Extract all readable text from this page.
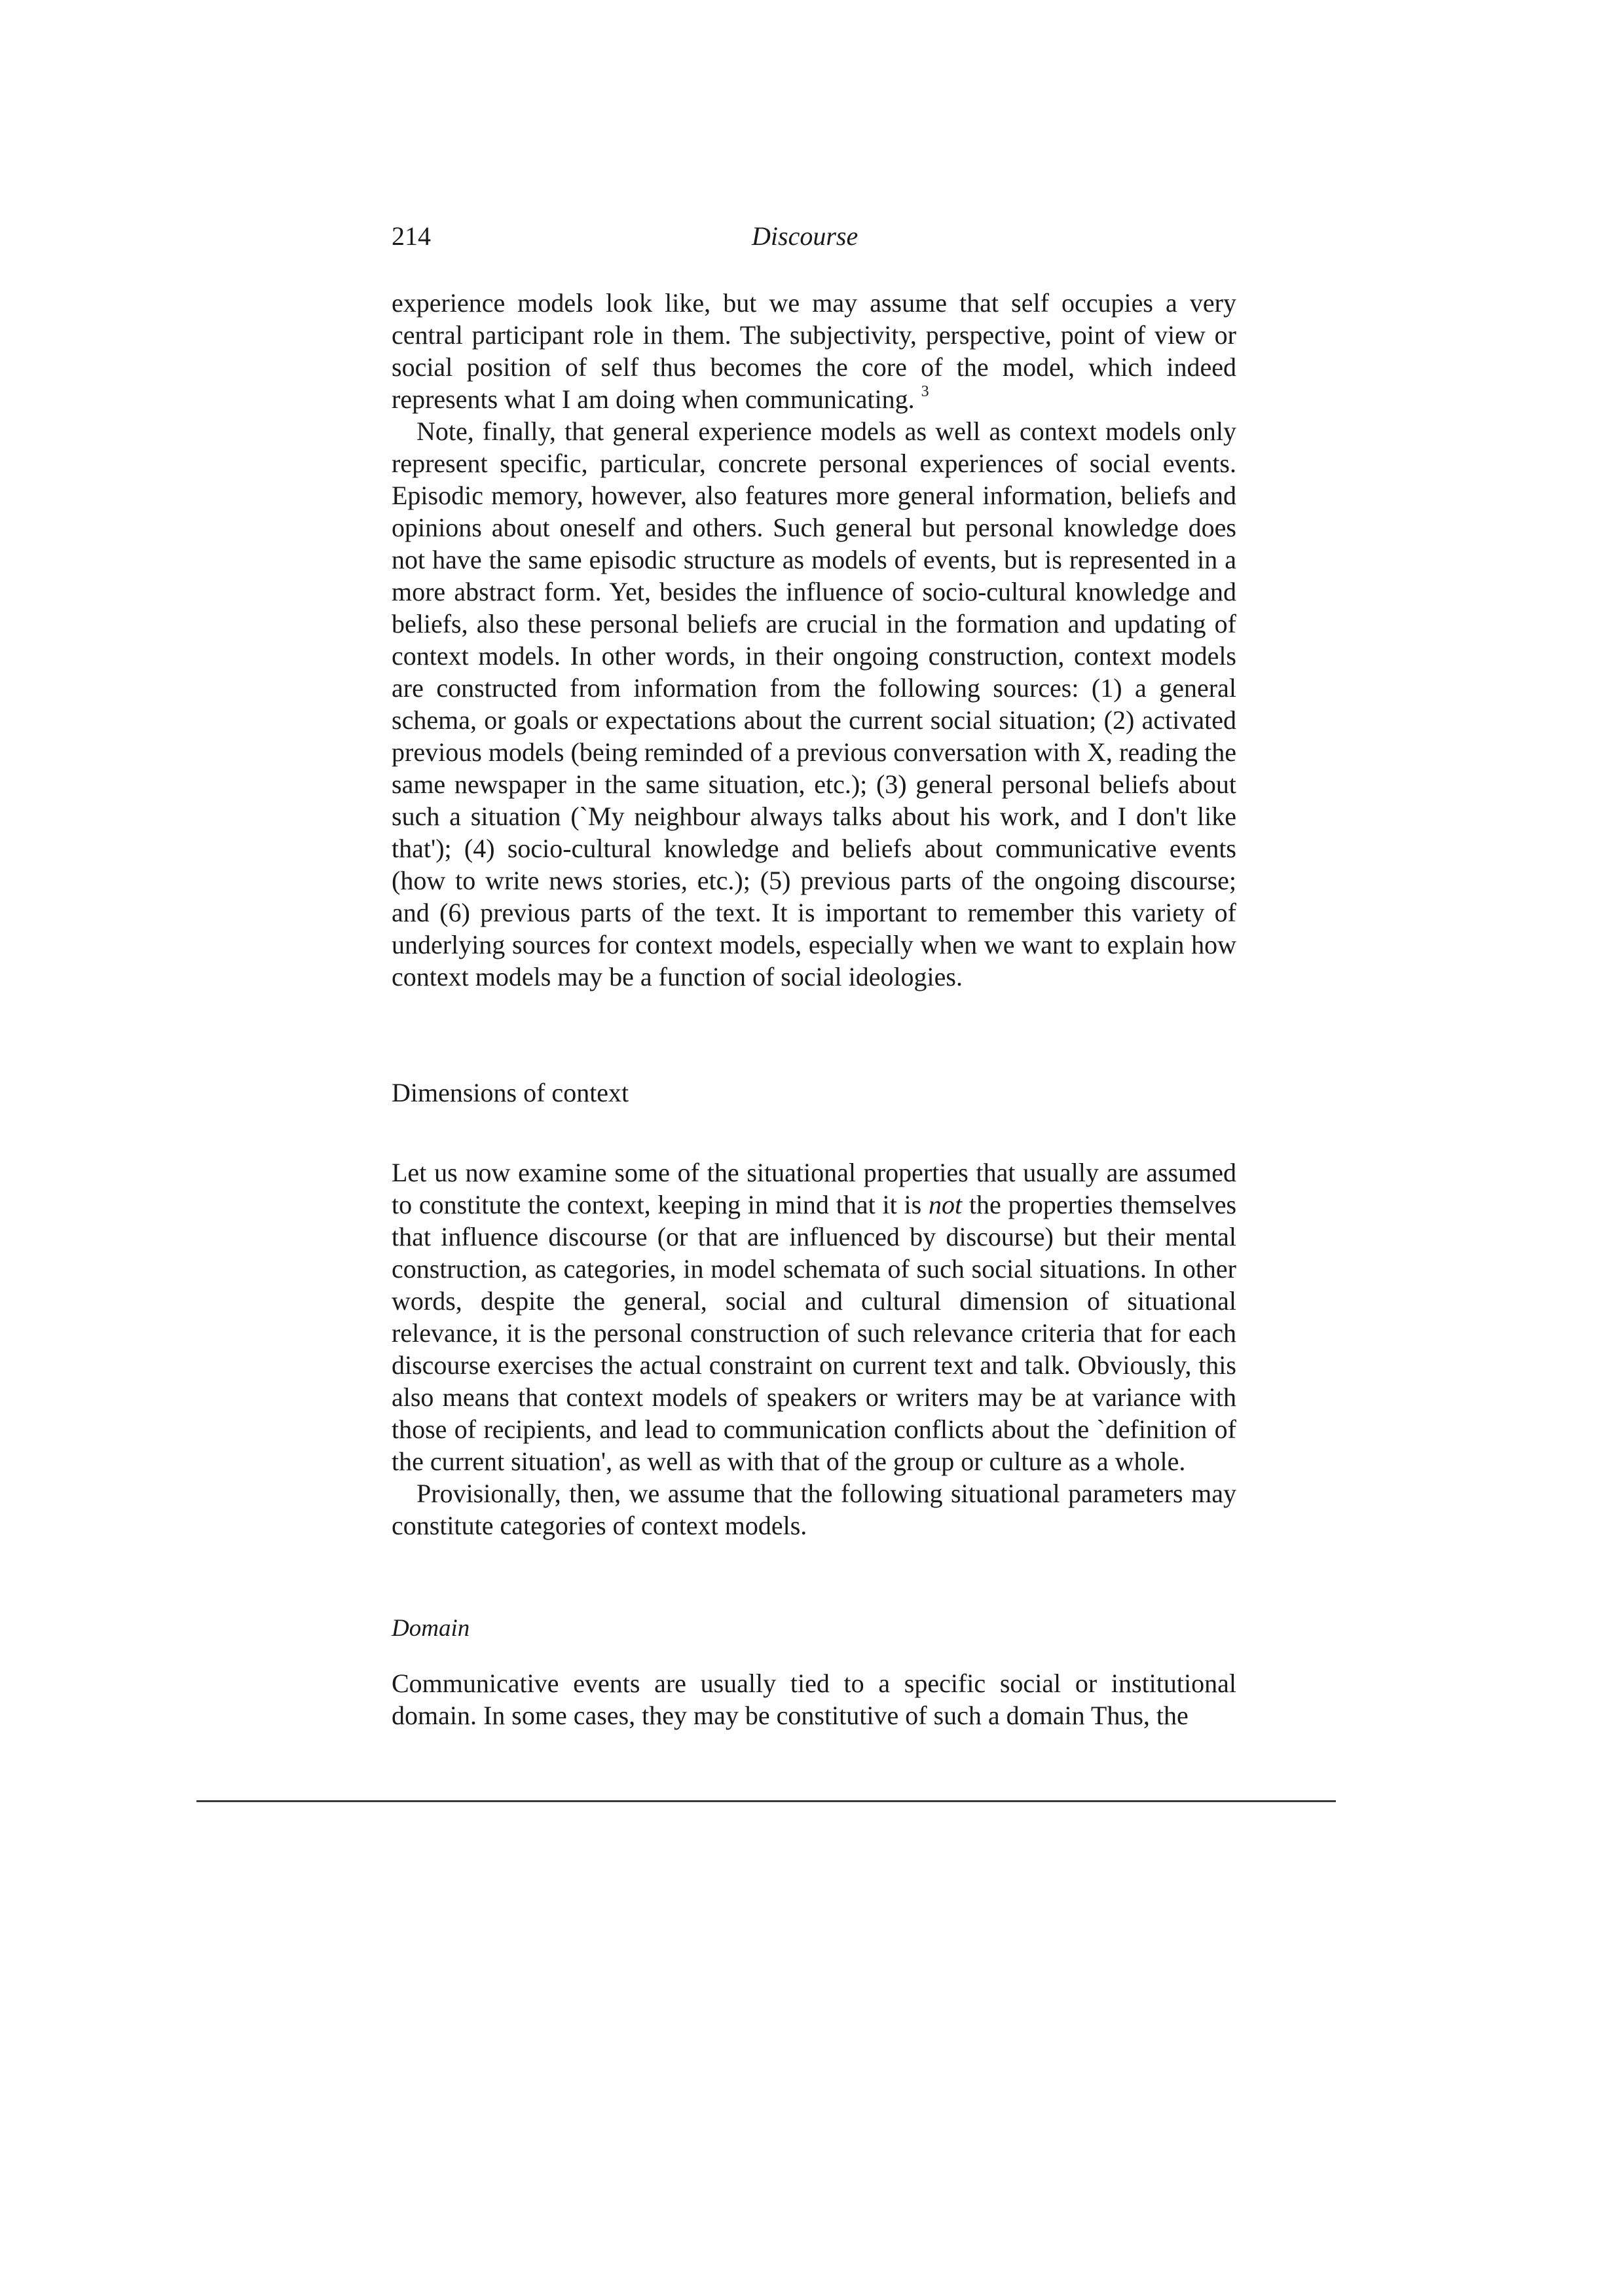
214	Discourse

experience models look like, but we may assume that self occupies a very central participant role in them. The subjectivity, perspective, point of view or social position of self thus becomes the core of the model, which indeed represents what I am doing when communicating. $^3$

Note, finally, that general experience models as well as context models only represent specific, particular, concrete personal experiences of social events. Episodic memory, however, also features more general information, beliefs and opinions about oneself and others. Such general but personal knowledge does not have the same episodic structure as models of events, but is represented in a more abstract form. Yet, besides the influence of socio-cultural knowledge and beliefs, also these personal beliefs are crucial in the formation and updating of context models. In other words, in their ongoing construction, context models are constructed from information from the following sources: (1) a general schema, or goals or expectations about the current social situation; (2) activated previous models (being reminded of a previous conversation with X, reading the same newspaper in the same situation, etc.); (3) general personal beliefs about such a situation (`My neighbour always talks about his work, and I don't like that'); (4) socio-cultural knowledge and beliefs about communicative events (how to write news stories, etc.); (5) previous parts of the ongoing discourse; and (6) previous parts of the text. It is important to remember this variety of underlying sources for context models, especially when we want to explain how context models may be a function of social ideologies.

Dimensions of context

Let us now examine some of the situational properties that usually are assumed to constitute the context, keeping in mind that it is not the properties themselves that influence discourse (or that are influenced by discourse) but their mental construction, as categories, in model schemata of such social situations. In other words, despite the general, social and cultural dimension of situational relevance, it is the personal construction of such relevance criteria that for each discourse exercises the actual constraint on current text and talk. Obviously, this also means that context models of speakers or writers may be at variance with those of recipients, and lead to communication conflicts about the `definition of the current situation', as well as with that of the group or culture as a whole.

Provisionally, then, we assume that the following situational parameters may constitute categories of context models.

Domain

Communicative events are usually tied to a specific social or institutional domain. In some cases, they may be constitutive of such a domain Thus, the
